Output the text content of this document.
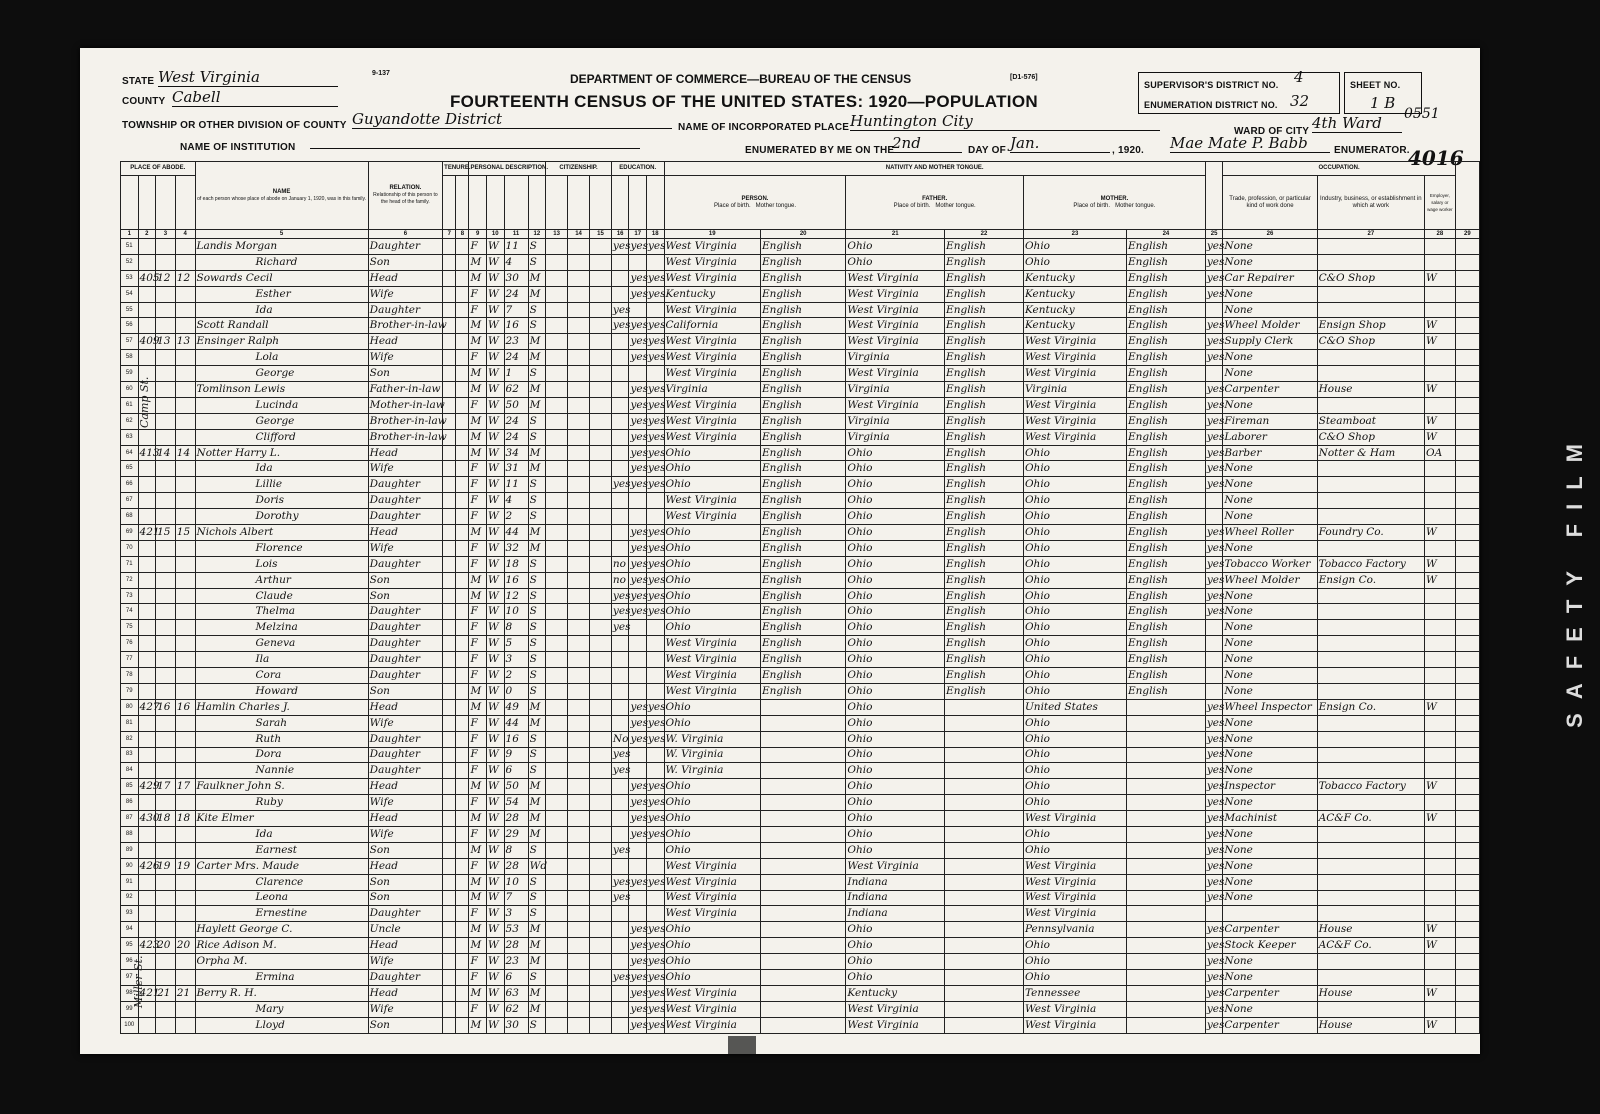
STATE West Virginia
COUNTY Cabell
TOWNSHIP OR OTHER DIVISION OF COUNTY Guyandotte District
NAME OF INSTITUTION
9-137	DEPARTMENT OF COMMERCE—BUREAU OF THE CENSUS	[D1-576]
FOURTEENTH CENSUS OF THE UNITED STATES: 1920—POPULATION
NAME OF INCORPORATED PLACE Huntington City
ENUMERATED BY ME ON THE
2nd	DAY OF Jan.	, 1920. Mae Mate P. Babb	ENUMERATOR.
SUPERVISOR'S DISTRICT NO. 4
ENUMERATION DISTRICT NO. 32
SHEET NO.
1 B
WARD OF CITY 4th Ward	0551
4016
PLACE OF ABODE.				NAME

of each person whose place of abode on January 1, 1920, was in this family.	RELATION.

Relationship of this person to the head of the family.	TENURE.		PERSONAL DESCRIPTION.				CITIZENSHIP.			EDUCATION.			NATIVITY AND MOTHER TONGUE.							OCCUPATION.			
																		PERSON.
Place of birth. Mother tongue.		FATHER.
Place of birth. Mother tongue.		MOTHER.
Place of birth. Mother tongue.			Trade, profession, or particular kind of work done	Industry, business, or establishment in which at work	Employer, salary or wage worker	

1	2	3	4	5	6	7	8	9	10	11	12	13	14	15	16	17	18	19	20	21	22	23	24	25	26	27	28	29
51				Landis Morgan	Daughter			F	W	11	S				yes	yes	yes	West Virginia	English	Ohio	English	Ohio	English	yes	None			
52				Richard	Son			M	W	4	S							West Virginia	English	Ohio	English	Ohio	English	yes	None			
53	405	12	12	Sowards Cecil	Head			M	W	30	M					yes	yes	West Virginia	English	West Virginia	English	Kentucky	English	yes	Car Repairer	C&O Shop	W	
54				Esther	Wife			F	W	24	M					yes	yes	Kentucky	English	West Virginia	English	Kentucky	English	yes	None			
55				Ida	Daughter			F	W	7	S				yes			West Virginia	English	West Virginia	English	Kentucky	English		None			
56				Scott Randall	Brother-in-law			M	W	16	S				yes	yes	yes	California	English	West Virginia	English	Kentucky	English	yes	Wheel Molder	Ensign Shop	W	
57	409	13	13	Ensinger Ralph	Head			M	W	23	M					yes	yes	West Virginia	English	West Virginia	English	West Virginia	English	yes	Supply Clerk	C&O Shop	W	
58				Lola	Wife			F	W	24	M					yes	yes	West Virginia	English	Virginia	English	West Virginia	English	yes	None			
59				George	Son			M	W	1	S							West Virginia	English	West Virginia	English	West Virginia	English		None			
60				Tomlinson Lewis	Father-in-law			M	W	62	M					yes	yes	Virginia	English	Virginia	English	Virginia	English	yes	Carpenter	House	W	
61				Lucinda	Mother-in-law			F	W	50	M					yes	yes	West Virginia	English	West Virginia	English	West Virginia	English	yes	None			
62				George	Brother-in-law			M	W	24	S					yes	yes	West Virginia	English	Virginia	English	West Virginia	English	yes	Fireman	Steamboat	W	
63				Clifford	Brother-in-law			M	W	24	S					yes	yes	West Virginia	English	Virginia	English	West Virginia	English	yes	Laborer	C&O Shop	W	
64	413	14	14	Notter Harry L.	Head			M	W	34	M					yes	yes	Ohio	English	Ohio	English	Ohio	English	yes	Barber	Notter & Ham	OA	
65				Ida	Wife			F	W	31	M					yes	yes	Ohio	English	Ohio	English	Ohio	English	yes	None			
66				Lillie	Daughter			F	W	11	S				yes	yes	yes	Ohio	English	Ohio	English	Ohio	English	yes	None			
67				Doris	Daughter			F	W	4	S							West Virginia	English	Ohio	English	Ohio	English		None			
68				Dorothy	Daughter			F	W	2	S							West Virginia	English	Ohio	English	Ohio	English		None			
69	421	15	15	Nichols Albert	Head			M	W	44	M					yes	yes	Ohio	English	Ohio	English	Ohio	English	yes	Wheel Roller	Foundry Co.	W	
70				Florence	Wife			F	W	32	M					yes	yes	Ohio	English	Ohio	English	Ohio	English	yes	None			
71				Lois	Daughter			F	W	18	S				no	yes	yes	Ohio	English	Ohio	English	Ohio	English	yes	Tobacco Worker	Tobacco Factory	W	
72				Arthur	Son			M	W	16	S				no	yes	yes	Ohio	English	Ohio	English	Ohio	English	yes	Wheel Molder	Ensign Co.	W	
73				Claude	Son			M	W	12	S				yes	yes	yes	Ohio	English	Ohio	English	Ohio	English	yes	None			
74				Thelma	Daughter			F	W	10	S				yes	yes	yes	Ohio	English	Ohio	English	Ohio	English	yes	None			
75				Melzina	Daughter			F	W	8	S				yes			Ohio	English	Ohio	English	Ohio	English		None			
76				Geneva	Daughter			F	W	5	S							West Virginia	English	Ohio	English	Ohio	English		None			
77				Ila	Daughter			F	W	3	S							West Virginia	English	Ohio	English	Ohio	English		None			
78				Cora	Daughter			F	W	2	S							West Virginia	English	Ohio	English	Ohio	English		None			
79				Howard	Son			M	W	0	S							West Virginia	English	Ohio	English	Ohio	English		None			
80	427	16	16	Hamlin Charles J.	Head			M	W	49	M					yes	yes	Ohio		Ohio		United States		yes	Wheel Inspector	Ensign Co.	W	
81				Sarah	Wife			F	W	44	M					yes	yes	Ohio		Ohio		Ohio		yes	None			
82				Ruth	Daughter			F	W	16	S				No	yes	yes	W. Virginia		Ohio		Ohio		yes	None			
83				Dora	Daughter			F	W	9	S				yes			W. Virginia		Ohio		Ohio		yes	None			
84				Nannie	Daughter			F	W	6	S				yes			W. Virginia		Ohio		Ohio		yes	None			
85	429	17	17	Faulkner John S.	Head			M	W	50	M					yes	yes	Ohio		Ohio		Ohio		yes	Inspector	Tobacco Factory	W	
86				Ruby	Wife			F	W	54	M					yes	yes	Ohio		Ohio		Ohio		yes	None			
87	430	18	18	Kite Elmer	Head			M	W	28	M					yes	yes	Ohio		Ohio		West Virginia		yes	Machinist	AC&F Co.	W	
88				Ida	Wife			F	W	29	M					yes	yes	Ohio		Ohio		Ohio		yes	None			
89				Earnest	Son			M	W	8	S				yes			Ohio		Ohio		Ohio		yes	None			
90	426	19	19	Carter Mrs. Maude	Head			F	W	28	Wd							West Virginia		West Virginia		West Virginia		yes	None			
91				Clarence	Son			M	W	10	S				yes	yes	yes	West Virginia		Indiana		West Virginia		yes	None			
92				Leona	Son			M	W	7	S				yes			West Virginia		Indiana		West Virginia		yes	None			
93				Ernestine	Daughter			F	W	3	S							West Virginia		Indiana		West Virginia						
94				Haylett George C.	Uncle			M	W	53	M					yes	yes	Ohio		Ohio		Pennsylvania		yes	Carpenter	House	W	
95	423	20	20	Rice Adison M.	Head			M	W	28	M					yes	yes	Ohio		Ohio		Ohio		yes	Stock Keeper	AC&F Co.	W	
96				Orpha M.	Wife			F	W	23	M					yes	yes	Ohio		Ohio		Ohio		yes	None			
97				Ermina	Daughter			F	W	6	S				yes	yes	yes	Ohio		Ohio		Ohio		yes	None			
98	421	21	21	Berry R. H.	Head			M	W	63	M					yes	yes	West Virginia		Kentucky		Tennessee		yes	Carpenter	House	W	
99				Mary	Wife			F	W	62	M					yes	yes	West Virginia		West Virginia		West Virginia		yes	None			
100				Lloyd	Son			M	W	30	S					yes	yes	West Virginia		West Virginia		West Virginia		yes	Carpenter	House	W	
Camp St.
Miller St.
SAFETY FILM
